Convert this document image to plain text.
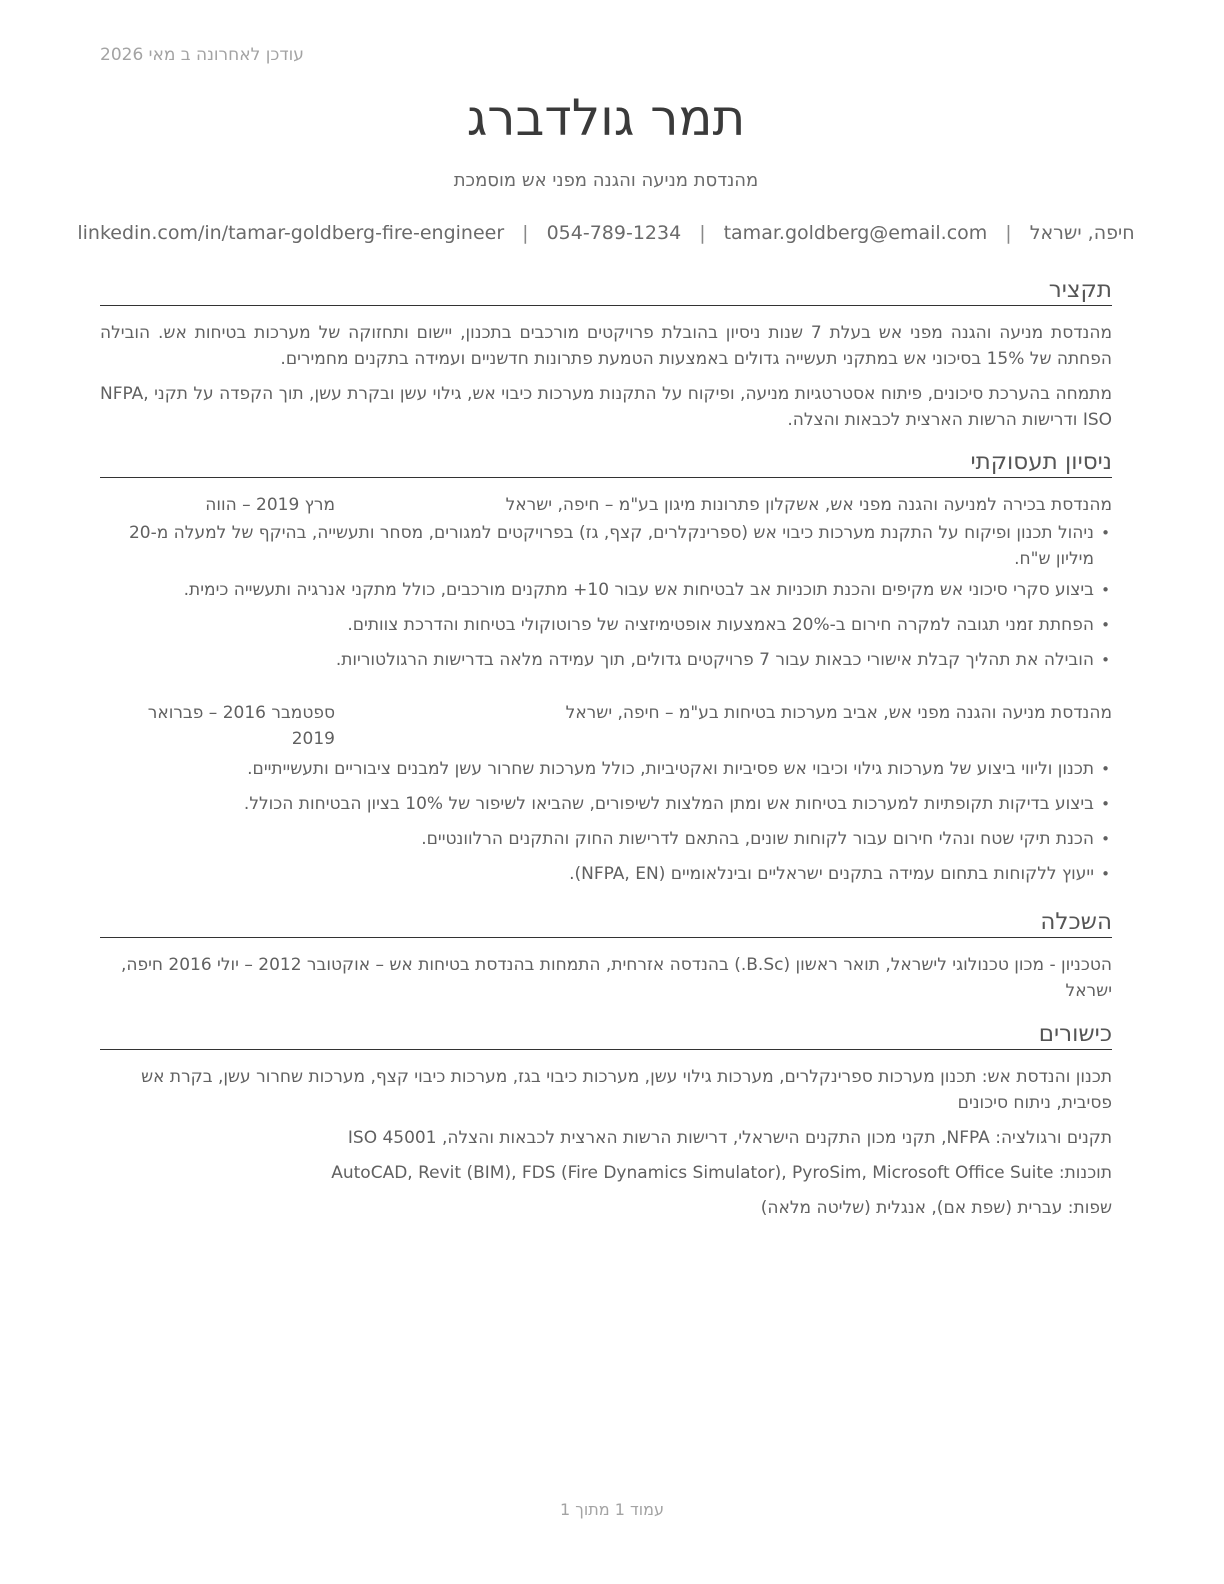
עודכן לאחרונה ב מאי 2026
תמר גולדברג
מהנדסת מניעה והגנה מפני אש מוסמכת
חיפה, ישראל
|
tamar.goldberg@email.com
|
054-789-1234
|
linkedin.com/in/tamar-goldberg-fire-engineer
תקציר

מהנדסת מניעה והגנה מפני אש בעלת 7 שנות ניסיון בהובלת פרויקטים מורכבים בתכנון, יישום ותחזוקה של מערכות בטיחות אש. הובילה הפחתה של 15% בסיכוני אש במתקני תעשייה גדולים באמצעות הטמעת פתרונות חדשניים ועמידה בתקנים מחמירים.

מתמחה בהערכת סיכונים, פיתוח אסטרטגיות מניעה, ופיקוח על התקנות מערכות כיבוי אש, גילוי עשן ובקרת עשן, תוך הקפדה על תקני NFPA, ISO ודרישות הרשות הארצית לכבאות והצלה.

ניסיון תעסוקתי
מהנדסת בכירה למניעה והגנה מפני אש, אשקלון פתרונות מיגון בע"מ – חיפה, ישראל
מרץ 2019 – הווה
• ניהול תכנון ופיקוח על התקנת מערכות כיבוי אש (ספרינקלרים, קצף, גז) בפרויקטים למגורים, מסחר ותעשייה, בהיקף של למעלה מ-20 מיליון ש"ח.
• ביצוע סקרי סיכוני אש מקיפים והכנת תוכניות אב לבטיחות אש עבור 10+ מתקנים מורכבים, כולל מתקני אנרגיה ותעשייה כימית.
• הפחתת זמני תגובה למקרה חירום ב-20% באמצעות אופטימיזציה של פרוטוקולי בטיחות והדרכת צוותים.
• הובילה את תהליך קבלת אישורי כבאות עבור 7 פרויקטים גדולים, תוך עמידה מלאה בדרישות הרגולטוריות.
מהנדסת מניעה והגנה מפני אש, אביב מערכות בטיחות בע"מ – חיפה, ישראל
ספטמבר 2016 – פברואר 2019
• תכנון וליווי ביצוע של מערכות גילוי וכיבוי אש פסיביות ואקטיביות, כולל מערכות שחרור עשן למבנים ציבוריים ותעשייתיים.
• ביצוע בדיקות תקופתיות למערכות בטיחות אש ומתן המלצות לשיפורים, שהביאו לשיפור של 10% בציון הבטיחות הכולל.
• הכנת תיקי שטח ונהלי חירום עבור לקוחות שונים, בהתאם לדרישות החוק והתקנים הרלוונטיים.
• ייעוץ ללקוחות בתחום עמידה בתקנים ישראליים ובינלאומיים (NFPA, EN).
השכלה
הטכניון - מכון טכנולוגי לישראל, תואר ראשון (B.Sc.) בהנדסה אזרחית, התמחות בהנדסת בטיחות אש – אוקטובר 2012 – יולי 2016 חיפה, ישראל
כישורים
תכנון והנדסת אש: תכנון מערכות ספרינקלרים, מערכות גילוי עשן, מערכות כיבוי בגז, מערכות כיבוי קצף, מערכות שחרור עשן, בקרת אש פסיבית, ניתוח סיכונים
תקנים ורגולציה: NFPA, תקני מכון התקנים הישראלי, דרישות הרשות הארצית לכבאות והצלה, ISO 45001
תוכנות: AutoCAD, Revit (BIM), FDS (Fire Dynamics Simulator), PyroSim, Microsoft Office Suite
שפות: עברית (שפת אם), אנגלית (שליטה מלאה)
עמוד 1 מתוך 1
